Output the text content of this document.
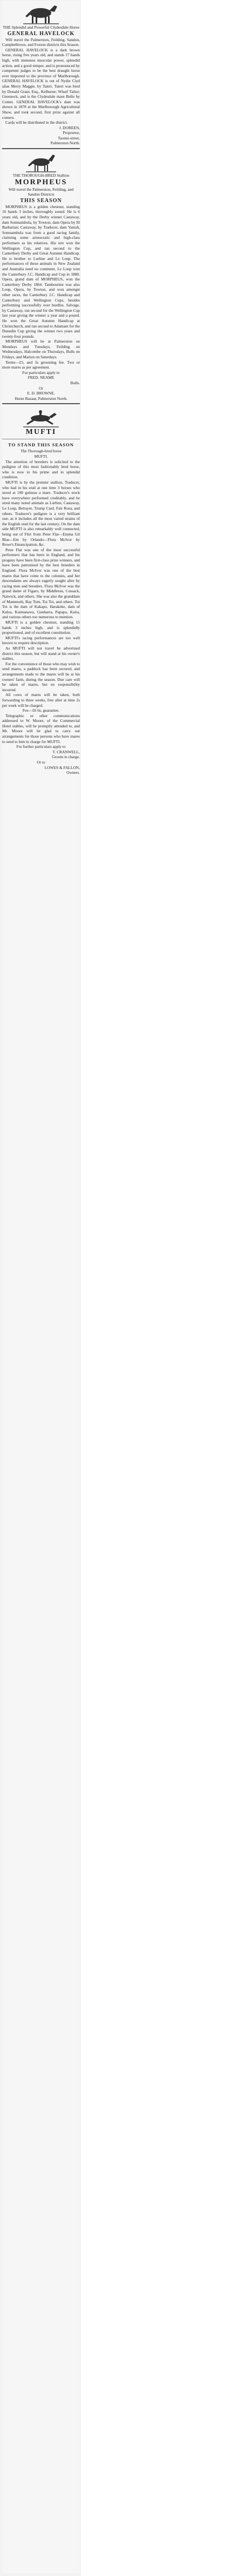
THE Splendid and Powerful Clydesdale Horse

GENERAL HAVELOCK

Will travel the Palmerston, Feilding, Sandon, Campbelltown, and Foxton districts this Season.

GENERAL HAVELOCK is a dark brown horse, rising five years old, and stands 17 hands high, with immense muscular power, splendid action, and a good temper, and is pronounced by competent judges to be the best draught horse ever imported to the province of Marlborough. GENERAL HAVELOCK is out of Nydie Clyd alias Merry Maggie, by Taieri. Taieri was bred by Donald Grant, Esq., Kelburne; Wharf Tailor; Greenock, and is the Clydesdale mare Belle by Comet. GENERAL HAVELOCK's dam was shown in 1878 at the Marlborough Agricultural Show, and took second, first prize against all comers.

Cards will be distributed in the district.

J. DOREEN,

Proprietor,

Taonui-street,

Palmerston North.

THE THOROUGH-BRED Stallion

MORPHEUS

Will travel the Palmerston, Feilding, and Sandon Districts

THIS SEASON

MORPHEUS is a golden chestnut, standing 16 hands 3 inches, thoroughly sound. He is 6 years old, and by the Derby winner Castaway, dam Somnambula, by Towton, dam Opera by Ill Barbarian; Castaway, by Traducer, dam Vanish, Somnambula was from a good racing family, claiming some aristocratic and high-class performers as his relatives. His sire won the Wellington Cup, and ran second to the Canterbury Derby and Great Autumn Handicap. He is brother to Lurline and Le Loup. The performances of these animals in New Zealand and Australia need no comment. Le Loup won the Canterbury J.C. Handicap and Cup in 1880. Opera, grand dam of MORPHEUS, won the Canterbury Derby 1864. Tambourine was also Loup, Opera, by Towton, and won amongst other races, the Canterbury J.C. Handicap and Canterbury and Wellington Cups, besides performing successfully over hurdles. Salvage, by Castaway, ran second for the Wellington Cup last year giving the winner a year and a pound. He won the Great Autumn Handicap at Christchurch, and ran second to Adamant for the Dunedin Cup giving the winner two years and twenty-four pounds.

MORPHEUS will be at Palmerston on Mondays and Tuesdays, Feilding on Wednesdays, Halcombe on Thursdays, Bulls on Fridays, and Marton on Saturdays.

Terms—£5, and 5s grooming fee. Two or more mares as per agreement.

For particulars apply to

FRED. NEAME

Bulls.

Or

E. D. BROWNE.

Horse Bazaar, Palmerston North.

MUFTI
TO STAND THIS SEASON

The Thorough-bred horse

MUFTI.

The attention of breeders is solicited to the pedigree of this most fashionably bred horse, who is now in his prime and in splendid condition.

MUFTI is by the premier stallion, Traducer, who had in his stud at one time 3 horses who stood at 100 guineas a mare. Traducer's stock have everywhere performed creditably, and he sired many noted animals as Lurline, Castaway, Le Loup, Betrayer, Trump Card, Fair Rosa, and others. Traducer's pedigree is a very brilliant one, as it includes all the most varied strains of the English stud for the last century. On the dam side MUFTI is also remarkably well connected, being out of Flirt from Peter Flat—Emma Gil Blas—Em by Orlando—Flora McIvor by Rowe's Emancipation, &c.

Peter Flat was one of the most successful performers that has been in England, and his progeny have been first-class prize winners, and have been patronised by the best breeders in England. Flora McIvor was one of the best mares that have come to the colonies, and her descendants are always eagerly sought after by racing men and breeders. Flora McIvor was the grand dame of Figaro, by Middleton, Cossack, Natwick, and others. She was also the granddam of Mammoth, Bay Tom, Toi Toi, and others. Toi Toi is the dam of Kakapo, Harakeke, dam of Kaloa, Kaimanawa, Gunbarra, Papapa, Kaira, and various others too numerous to mention.

MUFTI is a golden chestnut, standing 15 hands 3 inches high, and is splendidly proportioned, and of excellent constitution.

MUFTI's racing performances are too well known to require description.

As MUFTI will not travel he advertised district this season, but will stand at his owner's stables.

For the convenience of those who may wish to send mares, a paddock has been secured, and arrangements made to the mares will be at his owners' farm, during the season. Due care will be taken of mares, but no responsibility incurred.

All cows of mares will be taken, both forwarding to three weeks, free after at time 2s per week will be charged.

Fee—£6 6s, guarantee.

Telegraphic or other communications addressed to W. Moore, of the Commercial Hotel stables, will be promptly attended to, and Mr. Moore will be glad to carry out arrangements for those persons who have mares to send to him in charge for MUFTI.

For further particulars apply to

T. CRANWELL,

Groom in charge.

Or to

LOWES & FALLON,

Owners.
